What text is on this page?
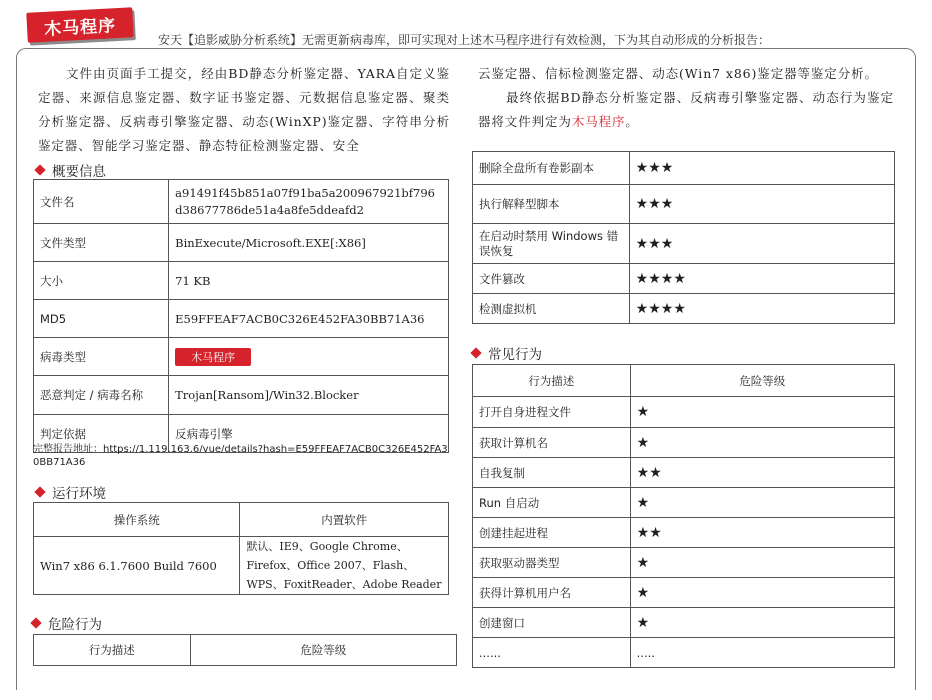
木马程序
安天【追影威胁分析系统】无需更新病毒库，即可实现对上述木马程序进行有效检测，下为其自动形成的分析报告：
文件由页面手工提交，经由BD静态分析鉴定器、YARA自定义鉴定器、来源信息鉴定器、数字证书鉴定器、元数据信息鉴定器、聚类分析鉴定器、反病毒引擎鉴定器、动态(WinXP)鉴定器、字符串分析鉴定器、智能学习鉴定器、静态特征检测鉴定器、安全

云鉴定器、信标检测鉴定器、动态(Win7 x86)鉴定器等鉴定分析。

最终依据BD静态分析鉴定器、反病毒引擎鉴定器、动态行为鉴定器将文件判定为木马程序。

概要信息
文件名	a91491f45b851a07f91ba5a200967921bf796d38677786de51a4a8fe5ddeafd2
文件类型	BinExecute/Microsoft.EXE[:X86]
大小	71 KB
MD5	E59FFEAF7ACB0C326E452FA30BB71A36
病毒类型	木马程序
恶意判定 / 病毒名称	Trojan[Ransom]/Win32.Blocker
判定依据	反病毒引擎
完整报告地址：https://1.119.163.6/vue/details?hash=E59FFEAF7ACB0C326E452FA30BB71A36
运行环境
操作系统	内置软件
Win7 x86 6.1.7600 Build 7600	默认、IE9、Google Chrome、Firefox、Office 2007、Flash、WPS、FoxitReader、Adobe Reader
危险行为
行为描述	危险等级
删除全盘所有卷影副本	★★★
执行解释型脚本	★★★
在启动时禁用 Windows 错误恢复	★★★
文件篡改	★★★★
检测虚拟机	★★★★
常见行为
行为描述	危险等级
打开自身进程文件	★
获取计算机名	★
自我复制	★★
Run 自启动	★
创建挂起进程	★★
获取驱动器类型	★
获得计算机用户名	★
创建窗口	★
......	.....
